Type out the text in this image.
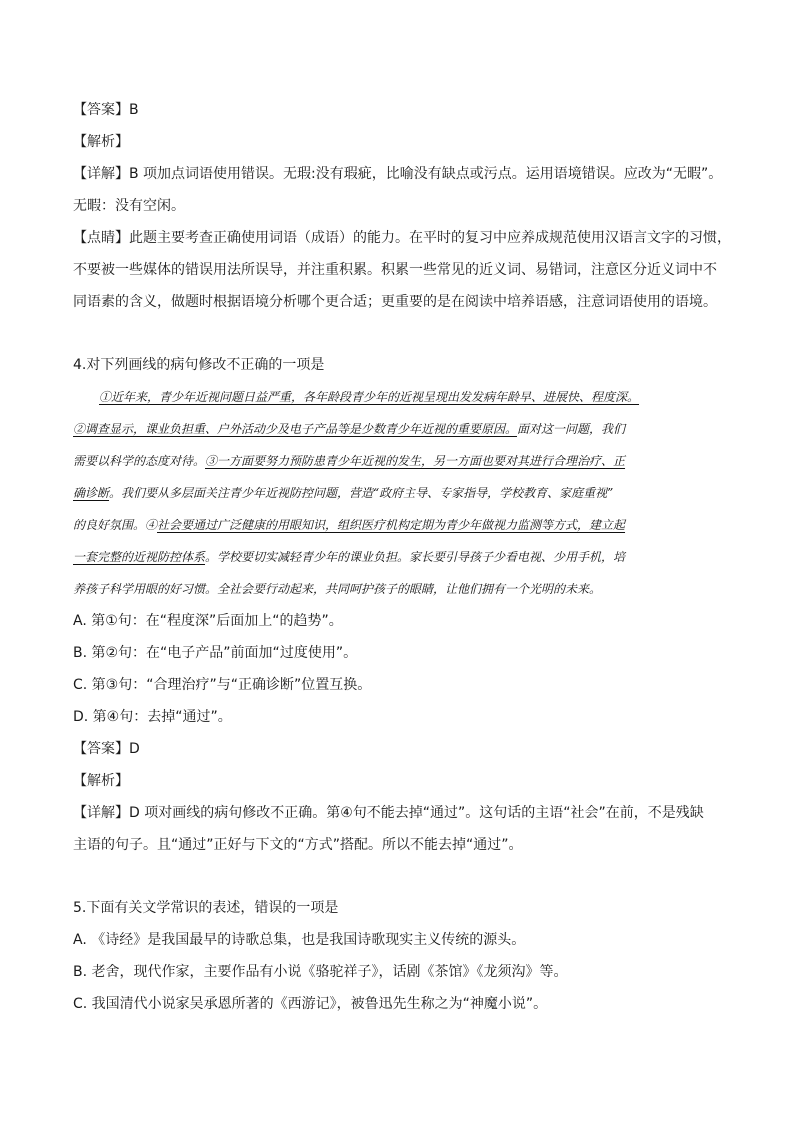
【答案】B
【解析】
【详解】B 项加点词语使用错误。无瑕:没有瑕疵，比喻没有缺点或污点。运用语境错误。应改为“无暇”。
无暇：没有空闲。
【点睛】此题主要考查正确使用词语（成语）的能力。在平时的复习中应养成规范使用汉语言文字的习惯，
不要被一些媒体的错误用法所误导，并注重积累。积累一些常见的近义词、易错词，注意区分近义词中不
同语素的含义，做题时根据语境分析哪个更合适；更重要的是在阅读中培养语感，注意词语使用的语境。
4.对下列画线的病句修改不正确的一项是
①近年来，青少年近视问题日益严重，各年龄段青少年的近视呈现出发发病年龄早、进展快、程度深。
②调查显示，课业负担重、户外活动少及电子产品等是少数青少年近视的重要原因。面对这一问题，我们
需要以科学的态度对待。③一方面要努力预防患青少年近视的发生，另一方面也要对其进行合理治疗、正
确诊断。我们要从多层面关注青少年近视防控问题，营造“政府主导、专家指导，学校教育、家庭重视”
的良好氛围。④社会要通过广泛健康的用眼知识，组织医疗机构定期为青少年做视力监测等方式，建立起
一套完整的近视防控体系。学校要切实减轻青少年的课业负担。家长要引导孩子少看电视、少用手机，培
养孩子科学用眼的好习惯。全社会要行动起来，共同呵护孩子的眼睛，让他们拥有一个光明的未来。
A. 第①句：在“程度深”后面加上“的趋势”。
B. 第②句：在“电子产品”前面加“过度使用”。
C. 第③句：“合理治疗”与“正确诊断”位置互换。
D. 第④句：去掉“通过”。
【答案】D
【解析】
【详解】D 项对画线的病句修改不正确。第④句不能去掉“通过”。这句话的主语“社会”在前，不是残缺
主语的句子。且“通过”正好与下文的“方式”搭配。所以不能去掉“通过”。
5.下面有关文学常识的表述，错误的一项是
A. 《诗经》是我国最早的诗歌总集，也是我国诗歌现实主义传统的源头。
B. 老舍，现代作家，主要作品有小说《骆驼祥子》，话剧《茶馆》《龙须沟》等。
C. 我国清代小说家吴承恩所著的《西游记》，被鲁迅先生称之为“神魔小说”。
